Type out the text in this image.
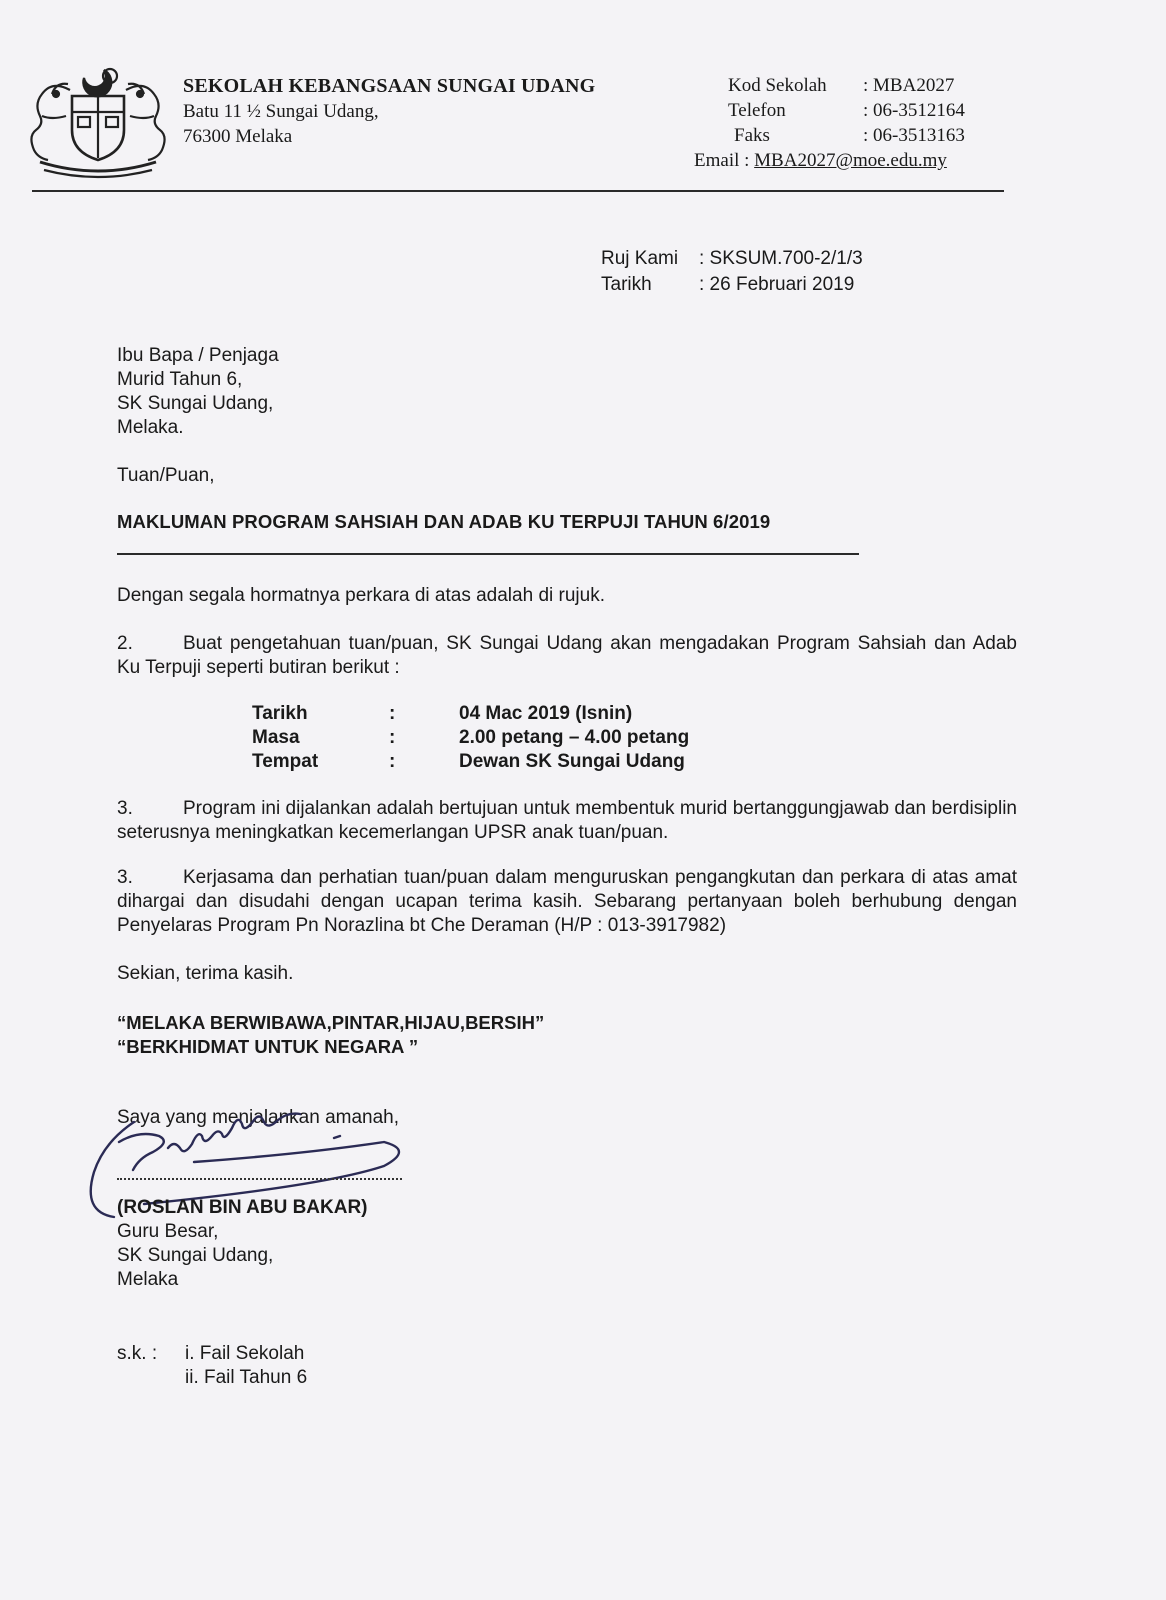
SEKOLAH KEBANGSAAN SUNGAI UDANG
Batu 11 ½ Sungai Udang,
76300 Melaka
Kod Sekolah	: MBA2027
Telefon	: 06-3512164
Faks	: 06-3513163
Email : MBA2027@moe.edu.my
Ruj Kami	: SKSUM.700-2/1/3
Tarikh	: 26 Februari 2019
Ibu Bapa / Penjaga
Murid Tahun 6,
SK Sungai Udang,
Melaka.
Tuan/Puan,
MAKLUMAN PROGRAM SAHSIAH DAN ADAB KU TERPUJI TAHUN 6/2019
Dengan segala hormatnya perkara di atas adalah di rujuk.
2.	Buat pengetahuan tuan/puan, SK Sungai Udang akan mengadakan Program Sahsiah dan Adab Ku Terpuji seperti butiran berikut :
Tarikh	:	04 Mac 2019 (Isnin)
Masa	:	2.00 petang – 4.00 petang
Tempat	:	Dewan SK Sungai Udang
3.	Program ini dijalankan adalah bertujuan untuk membentuk murid bertanggungjawab dan berdisiplin seterusnya meningkatkan kecemerlangan UPSR anak tuan/puan.
3.	Kerjasama dan perhatian tuan/puan dalam menguruskan pengangkutan dan perkara di atas amat dihargai dan disudahi dengan ucapan terima kasih. Sebarang pertanyaan boleh berhubung dengan Penyelaras Program Pn Norazlina bt Che Deraman (H/P : 013-3917982)
Sekian, terima kasih.
“MELAKA BERWIBAWA,PINTAR,HIJAU,BERSIH”
“BERKHIDMAT UNTUK NEGARA ”
Saya yang menjalankan amanah,
(ROSLAN BIN ABU BAKAR)
Guru Besar,
SK Sungai Udang,
Melaka
s.k. :	i. Fail Sekolah
ii. Fail Tahun 6
